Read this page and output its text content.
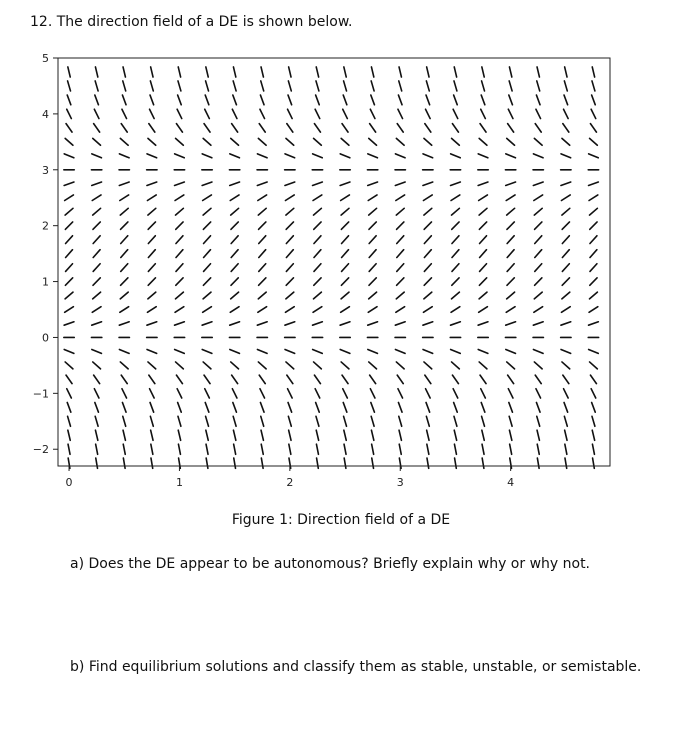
12. The direction field of a DE is shown below.
0	1	2	3	4
5
4
3
2
1
0
−1
−2
Figure 1: Direction field of a DE
a) Does the DE appear to be autonomous? Briefly explain why or why not.
b) Find equilibrium solutions and classify them as stable, unstable, or semistable.
